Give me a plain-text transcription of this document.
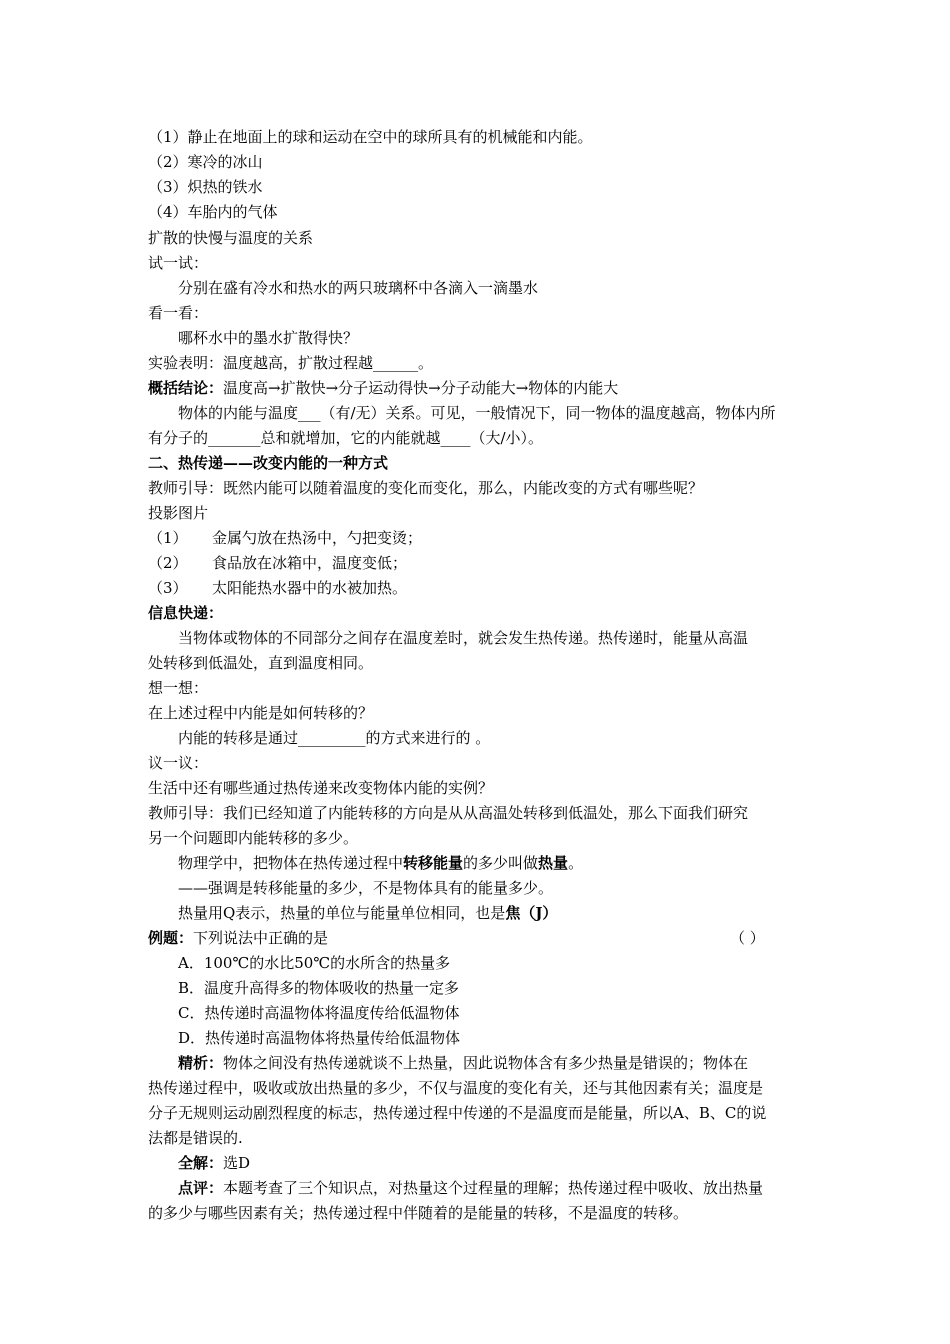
（1）静止在地面上的球和运动在空中的球所具有的机械能和内能。
（2）寒冷的冰山
（3）炽热的铁水
（4）车胎内的气体
扩散的快慢与温度的关系
试一试：
分别在盛有冷水和热水的两只玻璃杯中各滴入一滴墨水
看一看：
哪杯水中的墨水扩散得快？
实验表明：温度越高，扩散过程越______。
概括结论：温度高→扩散快→分子运动得快→分子动能大→物体的内能大
物体的内能与温度___（有/无）关系。可见，一般情况下，同一物体的温度越高，物体内所
有分子的_______总和就增加，它的内能就越____（大/小）。
二、热传递——改变内能的一种方式
教师引导：既然内能可以随着温度的变化而变化，那么，内能改变的方式有哪些呢？
投影图片
（1） 金属勺放在热汤中，勺把变烫；
（2） 食品放在冰箱中，温度变低；
（3） 太阳能热水器中的水被加热。
信息快递：
当物体或物体的不同部分之间存在温度差时，就会发生热传递。热传递时，能量从高温
处转移到低温处，直到温度相同。
想一想：
在上述过程中内能是如何转移的？
内能的转移是通过_________的方式来进行的 。
议一议：
生活中还有哪些通过热传递来改变物体内能的实例？
教师引导：我们已经知道了内能转移的方向是从从高温处转移到低温处，那么下面我们研究
另一个问题即内能转移的多少。
物理学中，把物体在热传递过程中转移能量的多少叫做热量。
——强调是转移能量的多少，不是物体具有的能量多少。
热量用Q表示，热量的单位与能量单位相同，也是焦（J）
例题：下列说法中正确的是	（ ）
A．100℃的水比50℃的水所含的热量多
B．温度升高得多的物体吸收的热量一定多
C．热传递时高温物体将温度传给低温物体
D．热传递时高温物体将热量传给低温物体
精析：物体之间没有热传递就谈不上热量，因此说物体含有多少热量是错误的；物体在
热传递过程中，吸收或放出热量的多少，不仅与温度的变化有关，还与其他因素有关；温度是
分子无规则运动剧烈程度的标志，热传递过程中传递的不是温度而是能量，所以A、B、C的说
法都是错误的.
全解：选D
点评：本题考查了三个知识点，对热量这个过程量的理解；热传递过程中吸收、放出热量
的多少与哪些因素有关；热传递过程中伴随着的是能量的转移，不是温度的转移。
